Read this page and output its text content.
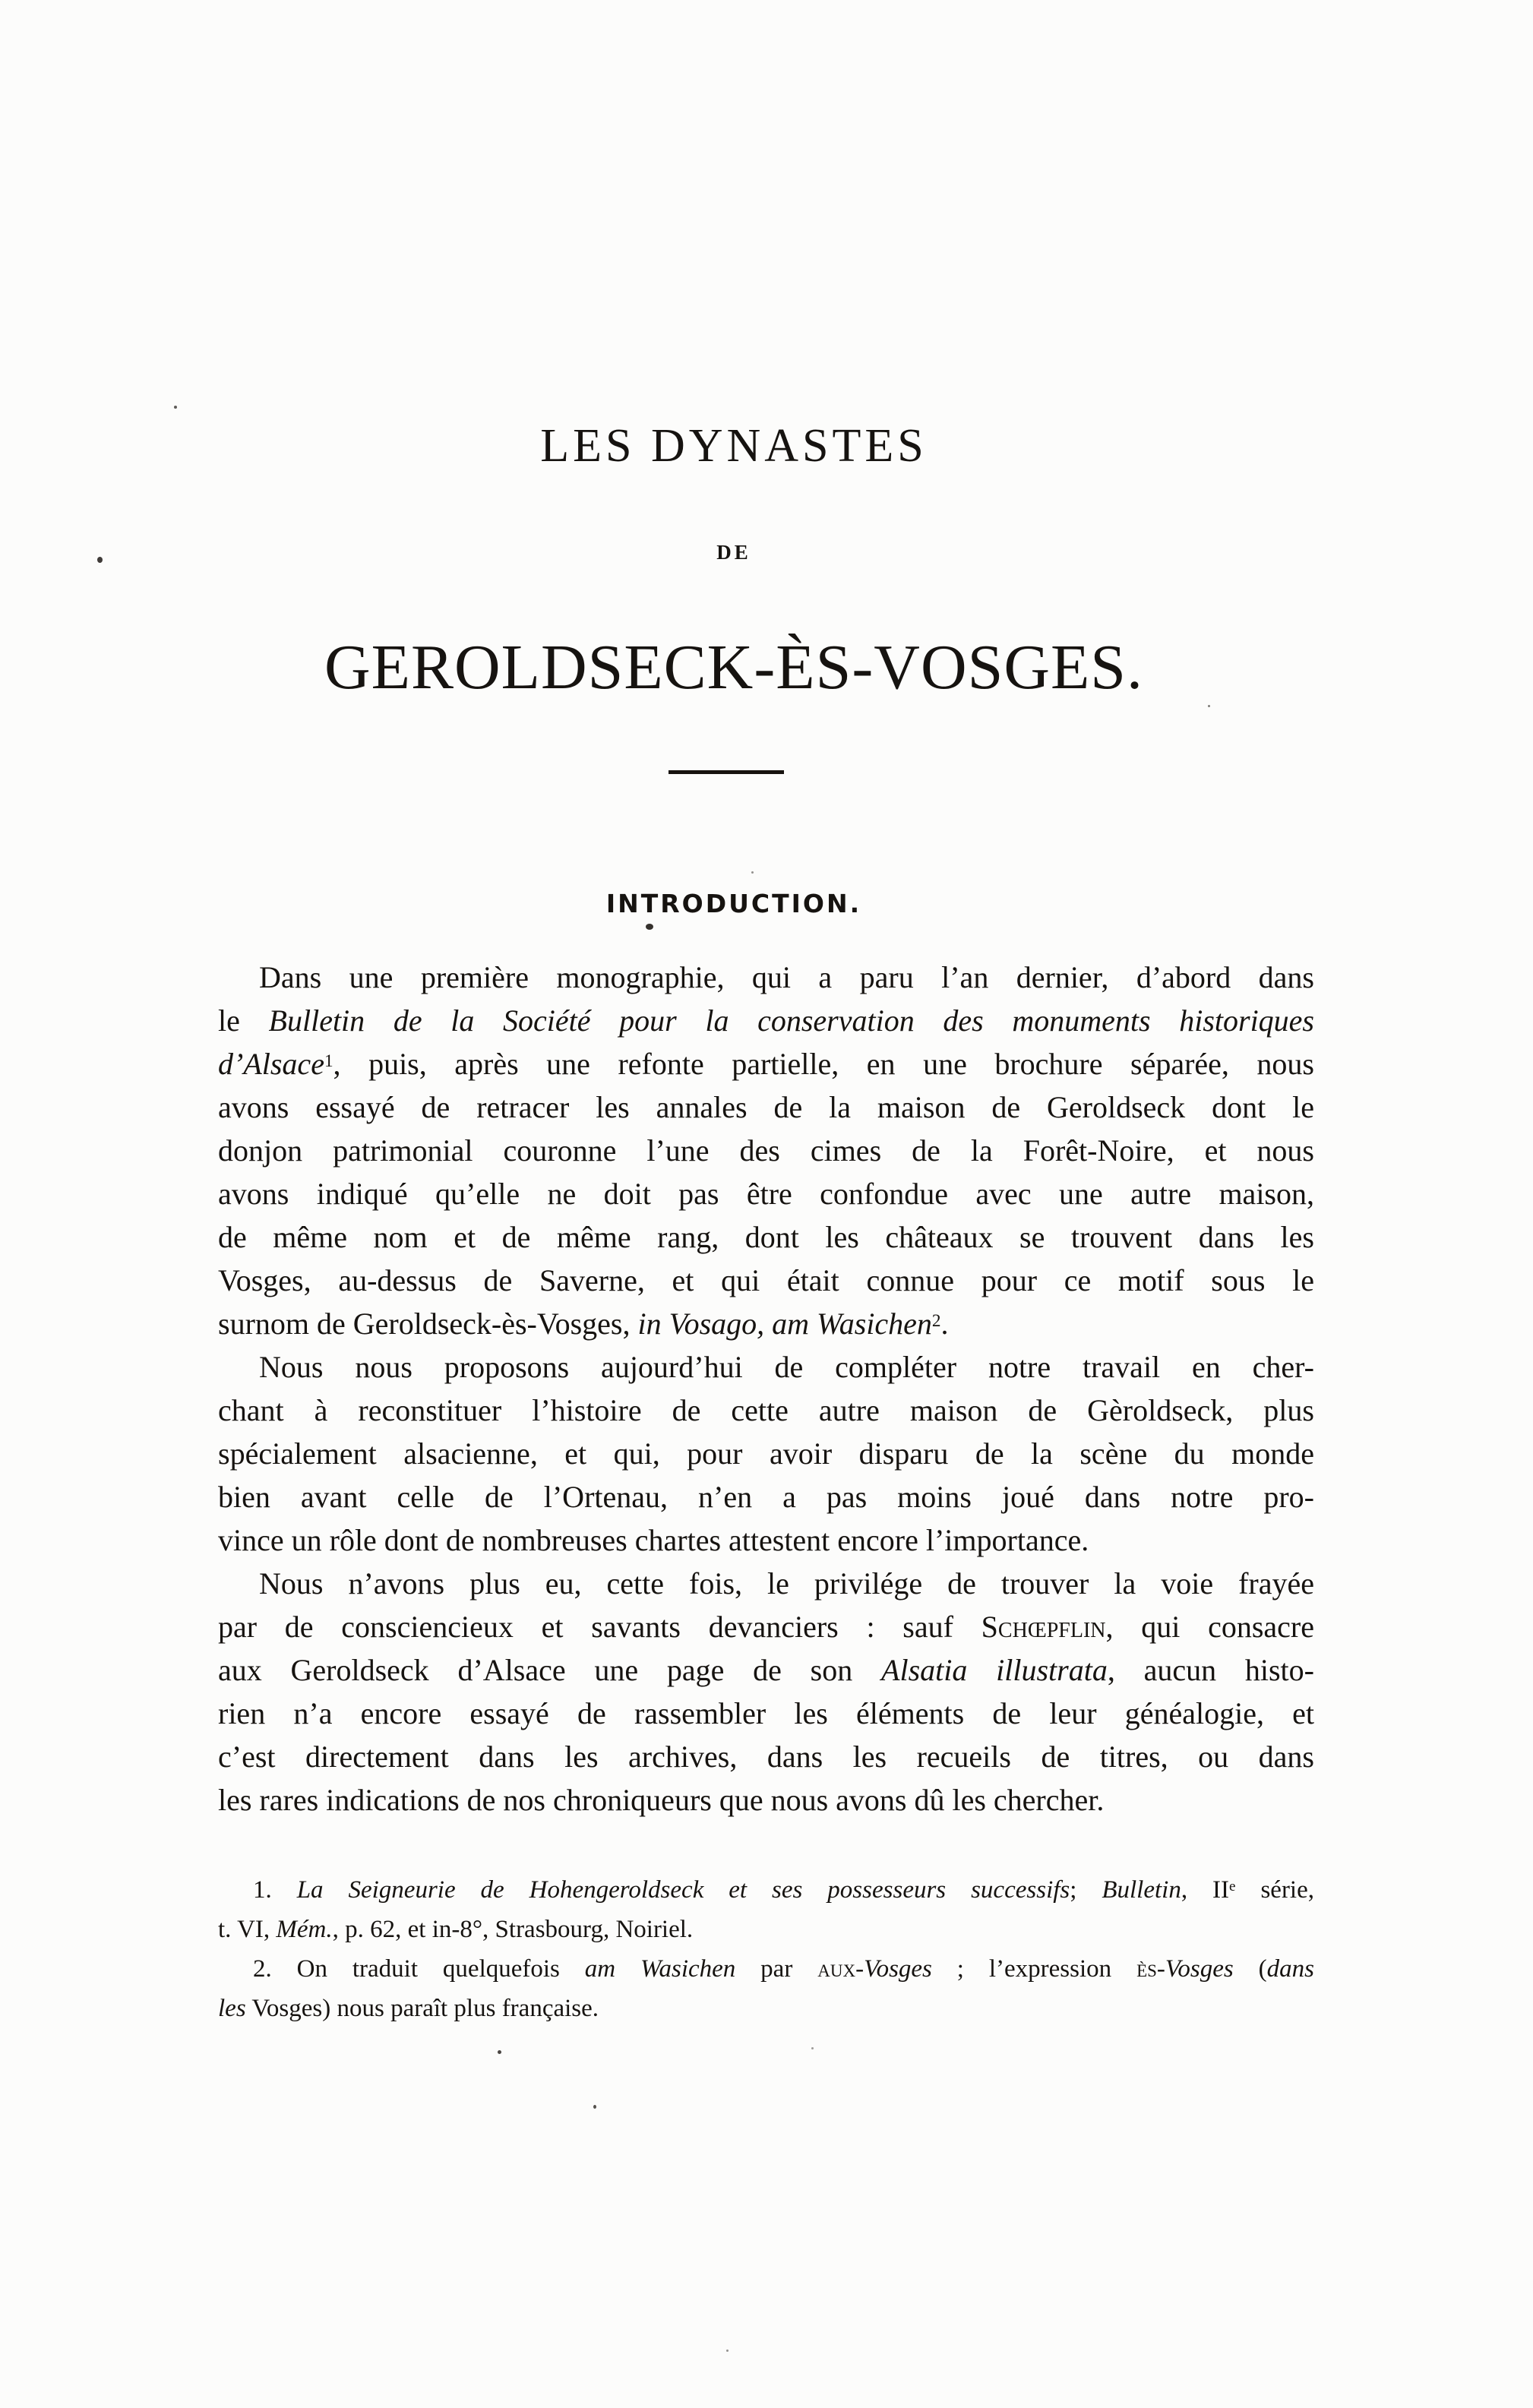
LES DYNASTES
DE
GEROLDSECK-ÈS-VOSGES.
INTRODUCTION.
Dans une première monographie, qui a paru l’an dernier, d’abord dans
le Bulletin de la Société pour la conservation des monuments historiques
d’Alsace$^1$, puis, après une refonte partielle, en une brochure séparée, nous
avons essayé de retracer les annales de la maison de Geroldseck dont le
donjon patrimonial couronne l’une des cimes de la Forêt-Noire, et nous
avons indiqué qu’elle ne doit pas être confondue avec une autre maison,
de même nom et de même rang, dont les châteaux se trouvent dans les
Vosges, au-dessus de Saverne, et qui était connue pour ce motif sous le
surnom de Geroldseck-ès-Vosges, in Vosago, am Wasichen$^2$.
Nous nous proposons aujourd’hui de compléter notre travail en cher-
chant à reconstituer l’histoire de cette autre maison de Gèroldseck, plus
spécialement alsacienne, et qui, pour avoir disparu de la scène du monde
bien avant celle de l’Ortenau, n’en a pas moins joué dans notre pro-
vince un rôle dont de nombreuses chartes attestent encore l’importance.
Nous n’avons plus eu, cette fois, le privilége de trouver la voie frayée
par de consciencieux et savants devanciers : sauf Schœpflin, qui consacre
aux Geroldseck d’Alsace une page de son Alsatia illustrata, aucun histo-
rien n’a encore essayé de rassembler les éléments de leur généalogie, et
c’est directement dans les archives, dans les recueils de titres, ou dans
les rares indications de nos chroniqueurs que nous avons dû les chercher.
1. La Seigneurie de Hohengeroldseck et ses possesseurs successifs; Bulletin, IIe série,
t. VI, Mém., p. 62, et in-8°, Strasbourg, Noiriel.
2. On traduit quelquefois am Wasichen par aux-Vosges ; l’expression ès-Vosges (dans
les Vosges) nous paraît plus française.
